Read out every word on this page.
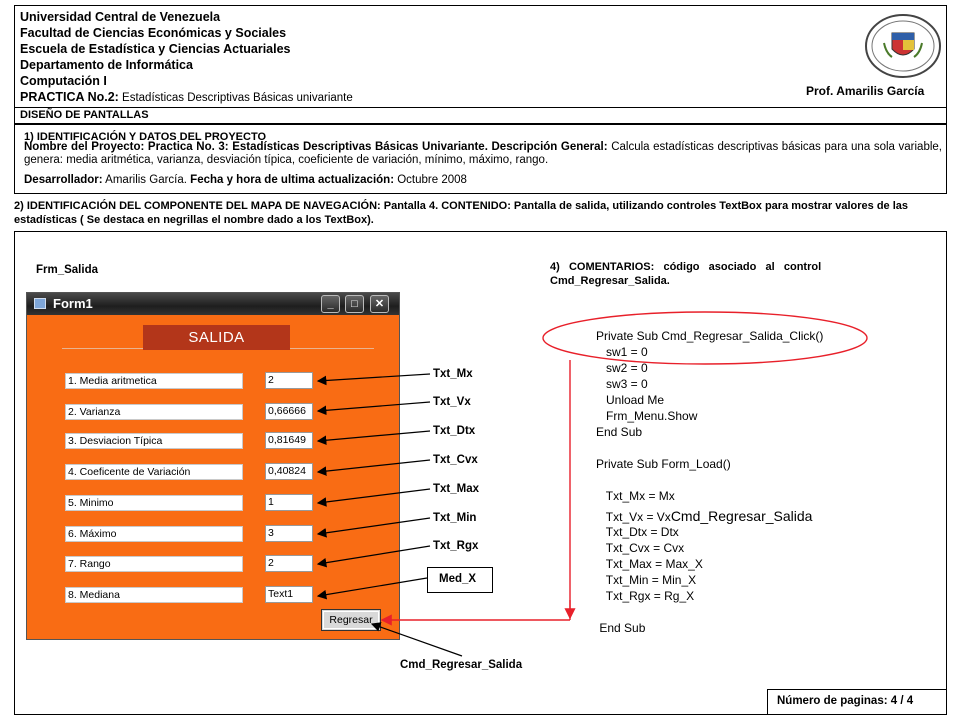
Universidad Central de Venezuela
Facultad de Ciencias Económicas y Sociales
Escuela de Estadística y Ciencias Actuariales
Departamento de Informática
Computación I
PRACTICA No.2: Estadísticas Descriptivas Básicas univariante	Prof. Amarilis García
DISEÑO DE PANTALLAS
1) IDENTIFICACIÓN Y DATOS DEL PROYECTO
Nombre del Proyecto: Practica No. 3: Estadísticas Descriptivas Básicas Univariante. Descripción General: Calcula estadísticas descriptivas básicas para una sola variable, genera: media aritmética, varianza, desviación típica, coeficiente de variación, mínimo, máximo, rango.
Desarrollador: Amarilis García. Fecha y hora de ultima actualización: Octubre 2008
2) IDENTIFICACIÓN DEL COMPONENTE DEL MAPA DE NAVEGACIÓN: Pantalla 4. CONTENIDO: Pantalla de salida, utilizando controles TextBox para mostrar valores de las estadísticas ( Se destaca en negrillas el nombre dado a los TextBox).
Frm_Salida
Form1	_	□	✕
SALIDA
1. Media aritmetica	2
2. Varianza	0,66666
3. Desviacion Típica	0,81649
4. Coeficente de Variación	0,40824
5. Minimo	1
6. Máximo	3
7. Rango	2
8. Mediana	Text1
Regresar
Txt_Mx
Txt_Vx
Txt_Dtx
Txt_Cvx
Txt_Max
Txt_Min
Txt_Rgx
Med_X
Cmd_Regresar_Salida
4)   COMENTARIOS:   código   asociado   al   control
Cmd_Regresar_Salida.
Private Sub Cmd_Regresar_Salida_Click()
sw1 = 0
sw2 = 0
sw3 = 0
Unload Me
Frm_Menu.Show
End Sub
Private Sub Form_Load()
Txt_Mx = Mx
Txt_Vx = VxCmd_Regresar_Salida
Txt_Dtx = Dtx
Txt_Cvx = Cvx
Txt_Max = Max_X
Txt_Min = Min_X
Txt_Rgx = Rg_X
End Sub
Número de paginas: 4 / 4
